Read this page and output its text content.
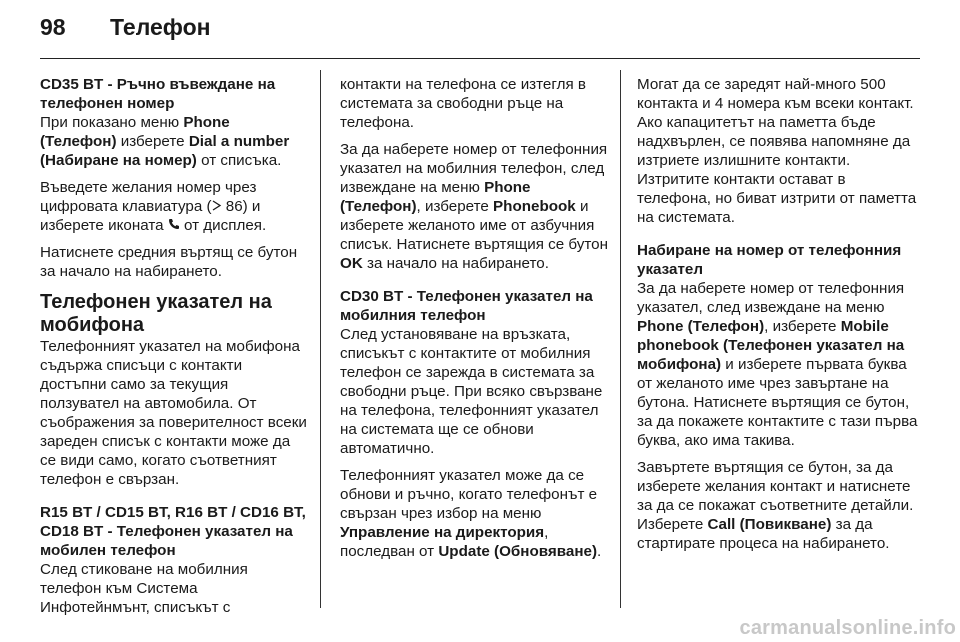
98	Телефон
CD35 BT - Ръчно въвеждане на телефонен номер

При показано меню Phone (Телефон) изберете Dial a number (Набиране на номер) от списъка.

Въведете желания номер чрез цифровата клавиатура ( 86) и изберете иконата  от дисплея.

Натиснете средния въртящ се бутон за начало на набирането.

Телефонен указател на мобифона

Телефонният указател на мобифона съдържа списъци с контакти достъпни само за текущия ползувател на автомобила. От съображения за поверителност всеки зареден списък с контакти може да се види само, когато съответният телефон е свързан.

R15 BT / CD15 BT, R16 BT / CD16 BT, CD18 BT - Телефонен указател на мобилен телефон

След стиковане на мобилния телефон към Система Инфотейнмънт, списъкът с

контакти на телефона се изтегля в системата за свободни ръце на телефона.

За да наберете номер от телефонния указател на мобилния телефон, след извеждане на меню Phone (Телефон), изберете Phonebook и изберете желаното име от азбучния списък. Натиснете въртящия се бутон OK за начало на набирането.

CD30 BT - Телефонен указател на мобилния телефон

След установяване на връзката, списъкът с контактите от мобилния телефон се зарежда в системата за свободни ръце. При всяко свързване на телефона, телефонният указател на системата ще се обнови автоматично.

Телефонният указател може да се обнови и ръчно, когато телефонът е свързан чрез избор на меню Управление на директория, последван от Update (Обновяване).

Могат да се заредят най-много 500 контакта и 4 номера към всеки контакт. Ако капацитетът на паметта бъде надхвърлен, се появява напомняне да изтриете излишните контакти. Изтритите контакти остават в телефона, но биват изтрити от паметта на системата.

Набиране на номер от телефонния указател

За да наберете номер от телефонния указател, след извеждане на меню Phone (Телефон), изберете Mobile phonebook (Телефонен указател на мобифона) и изберете първата буква от желаното име чрез завъртане на бутона. Натиснете въртящия се бутон, за да покажете контактите с тази първа буква, ако има такива.

Завъртете въртящия се бутон, за да изберете желания контакт и натиснете за да се покажат съответните детайли. Изберете Call (Повикване) за да стартирате процеса на набирането.

carmanualsonline.info
